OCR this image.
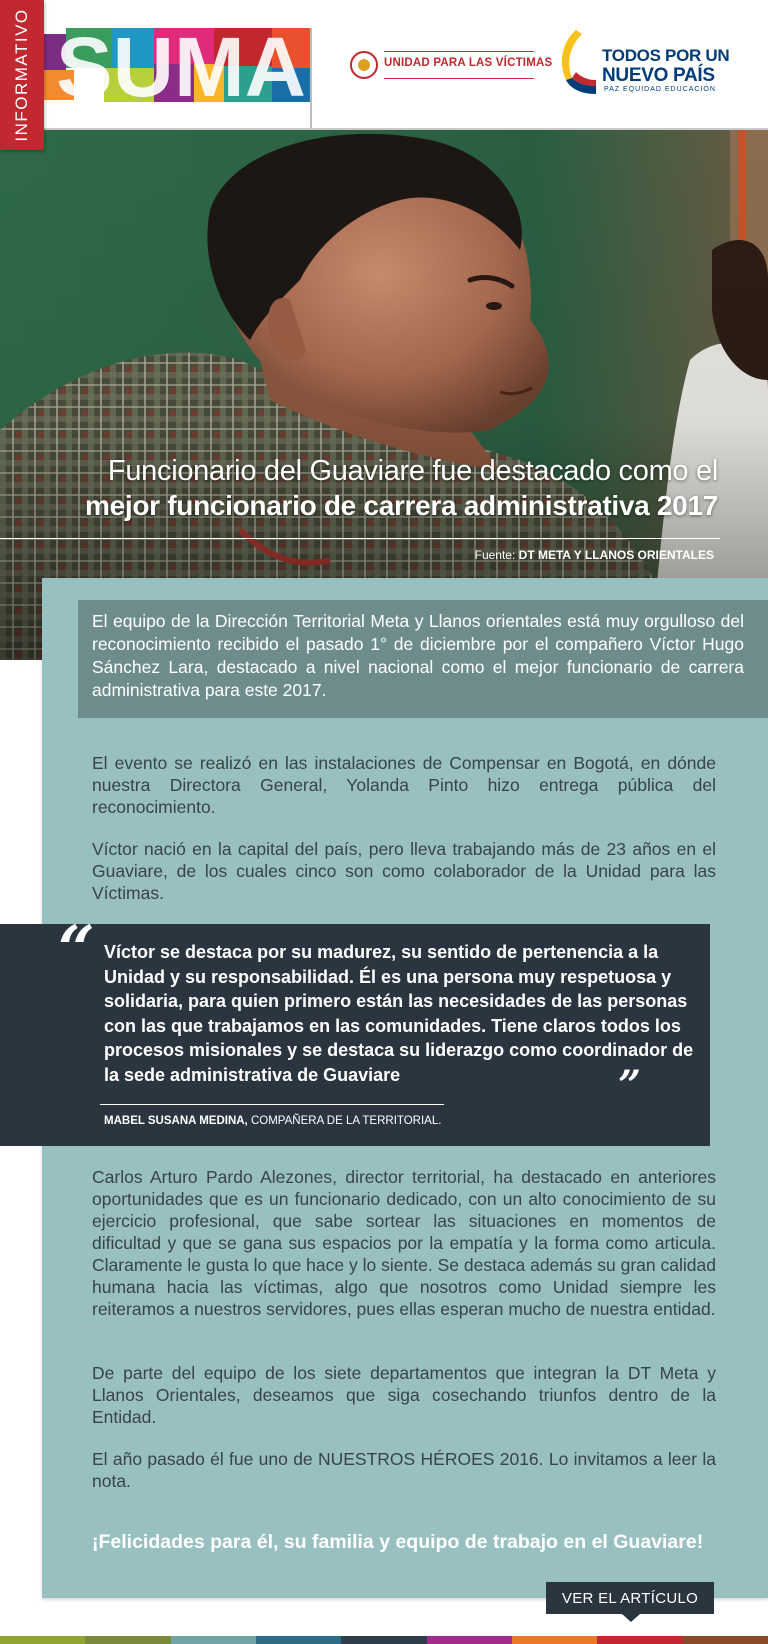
SUMA	UNIDAD PARA LAS VÍCTIMAS	TODOS POR UN
NUEVO PAÍS
PAZ EQUIDAD EDUCACIÓN
INFORMATIVO
Funcionario del Guaviare fue destacado como el
mejor funcionario de carrera administrativa 2017
Fuente: DT META Y LLANOS ORIENTALES
El equipo de la Dirección Territorial Meta y Llanos orientales está muy orgulloso del reconocimiento recibido el pasado 1° de diciembre por el compañero Víctor Hugo Sánchez Lara, destacado a nivel nacional como el mejor funcionario de carrera administrativa para este 2017.

El evento se realizó en las instalaciones de Compensar en Bogotá, en dónde nuestra Directora General, Yolanda Pinto hizo entrega pública del reconocimiento.

Víctor nació en la capital del país, pero lleva trabajando más de 23 años en el Guaviare, de los cuales cinco son como colaborador de la Unidad para las Víctimas.

“ Víctor se destaca por su madurez, su sentido de pertenencia a la Unidad y su responsabilidad. Él es una persona muy respetuosa y solidaria, para quien primero están las necesidades de las personas con las que trabajamos en las comunidades. Tiene claros todos los procesos misionales y se destaca su liderazgo como coordinador de la sede administrativa de Guaviare	”
MABEL SUSANA MEDINA, COMPAÑERA DE LA TERRITORIAL.

Carlos Arturo Pardo Alezones, director territorial, ha destacado en anteriores oportunidades que es un funcionario dedicado, con un alto conocimiento de su ejercicio profesional, que sabe sortear las situaciones en momentos de dificultad y que se gana sus espacios por la empatía y la forma como articula. Claramente le gusta lo que hace y lo siente. Se destaca además su gran calidad humana hacia las víctimas, algo que nosotros como Unidad siempre les reiteramos a nuestros servidores, pues ellas esperan mucho de nuestra entidad.

De parte del equipo de los siete departamentos que integran la DT Meta y Llanos Orientales, deseamos que siga cosechando triunfos dentro de la Entidad.

El año pasado él fue uno de NUESTROS HÉROES 2016. Lo invitamos a leer la nota.

¡Felicidades para él, su familia y equipo de trabajo en el Guaviare!

VER EL ARTÍCULO
